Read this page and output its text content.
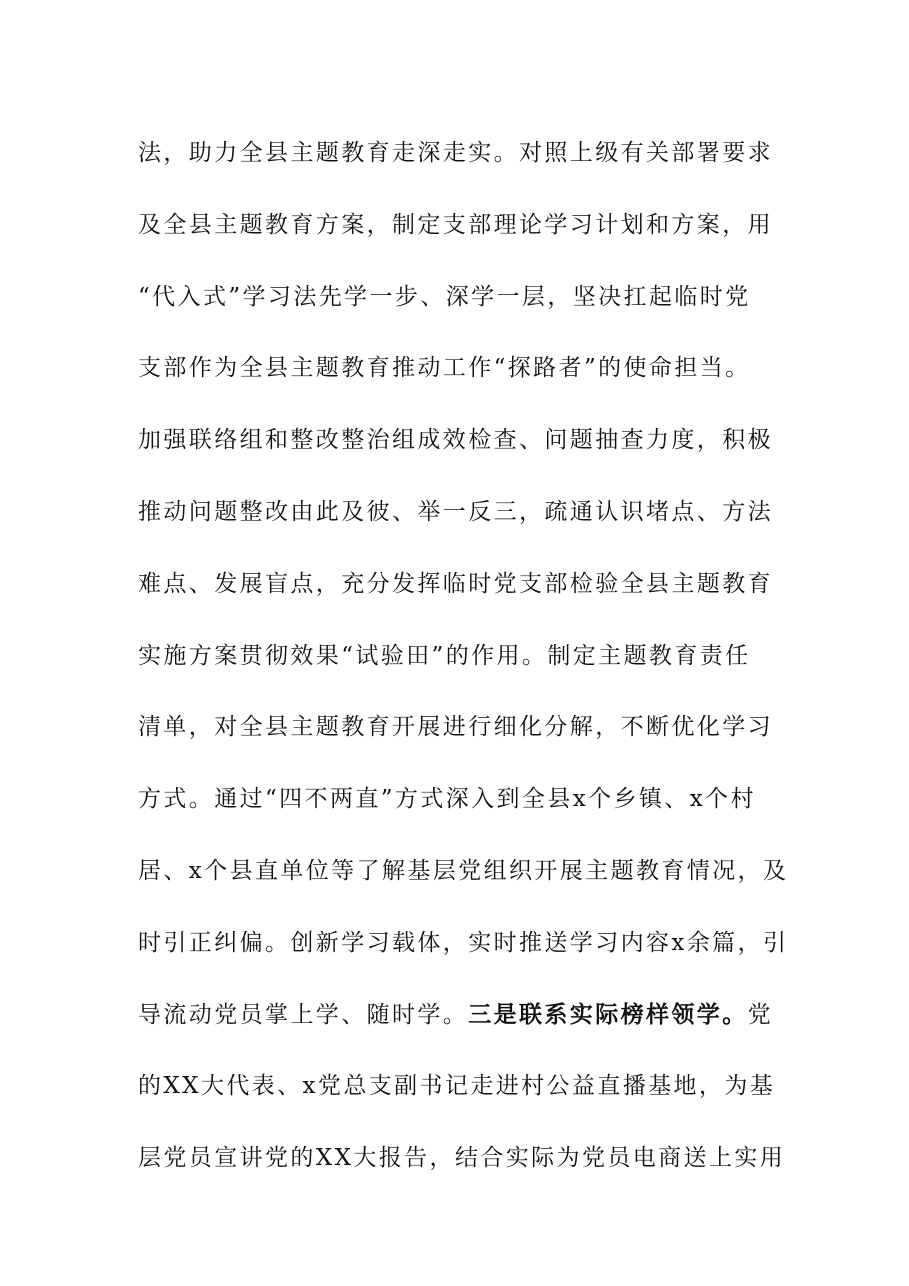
法，助力全县主题教育走深走实。对照上级有关部署要求
及全县主题教育方案，制定支部理论学习计划和方案，用
“代入式”学习法先学一步、深学一层，坚决扛起临时党
支部作为全县主题教育推动工作“探路者”的使命担当。
加强联络组和整改整治组成效检查、问题抽查力度，积极
推动问题整改由此及彼、举一反三，疏通认识堵点、方法
难点、发展盲点，充分发挥临时党支部检验全县主题教育
实施方案贯彻效果“试验田”的作用。制定主题教育责任
清单，对全县主题教育开展进行细化分解，不断优化学习
方式。通过“四不两直”方式深入到全县x个乡镇、x个村
居、x个县直单位等了解基层党组织开展主题教育情况，及
时引正纠偏。创新学习载体，实时推送学习内容x余篇，引
导流动党员掌上学、随时学。三是联系实际榜样领学。党
的XX大代表、x党总支副书记走进村公益直播基地，为基
层党员宣讲党的XX大报告，结合实际为党员电商送上实用
